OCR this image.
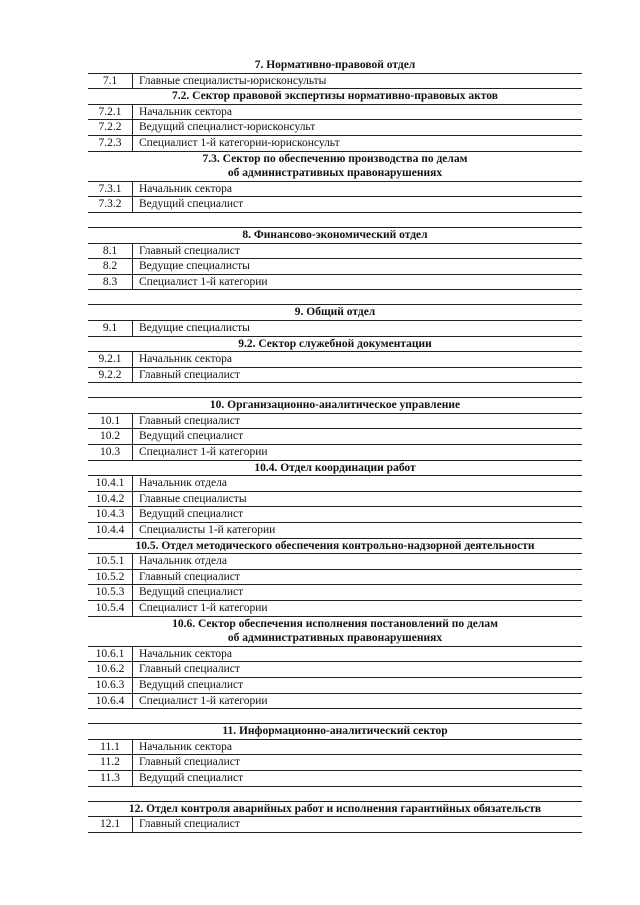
7. Нормативно-правовой отдел
7.1	Главные специалисты-юрисконсульты
7.2. Сектор правовой экспертизы нормативно-правовых актов
7.2.1	Начальник сектора
7.2.2	Ведущий специалист-юрисконсульт
7.2.3	Специалист 1-й категории-юрисконсульт
7.3. Сектор по обеспечению производства по делам
об административных правонарушениях
7.3.1	Начальник сектора
7.3.2	Ведущий специалист
8. Финансово-экономический отдел
8.1	Главный специалист
8.2	Ведущие специалисты
8.3	Специалист 1-й категории
9. Общий отдел
9.1	Ведущие специалисты
9.2. Сектор служебной документации
9.2.1	Начальник сектора
9.2.2	Главный специалист
10. Организационно-аналитическое управление
10.1	Главный специалист
10.2	Ведущий специалист
10.3	Специалист 1-й категории
10.4. Отдел координации работ
10.4.1	Начальник отдела
10.4.2	Главные специалисты
10.4.3	Ведущий специалист
10.4.4	Специалисты 1-й категории
10.5. Отдел методического обеспечения контрольно-надзорной деятельности
10.5.1	Начальник отдела
10.5.2	Главный специалист
10.5.3	Ведущий специалист
10.5.4	Специалист 1-й категории
10.6. Сектор обеспечения исполнения постановлений по делам
об административных правонарушениях
10.6.1	Начальник сектора
10.6.2	Главный специалист
10.6.3	Ведущий специалист
10.6.4	Специалист 1-й категории
11. Информационно-аналитический сектор
11.1	Начальник сектора
11.2	Главный специалист
11.3	Ведущий специалист
12. Отдел контроля аварийных работ и исполнения гарантийных обязательств
12.1	Главный специалист
